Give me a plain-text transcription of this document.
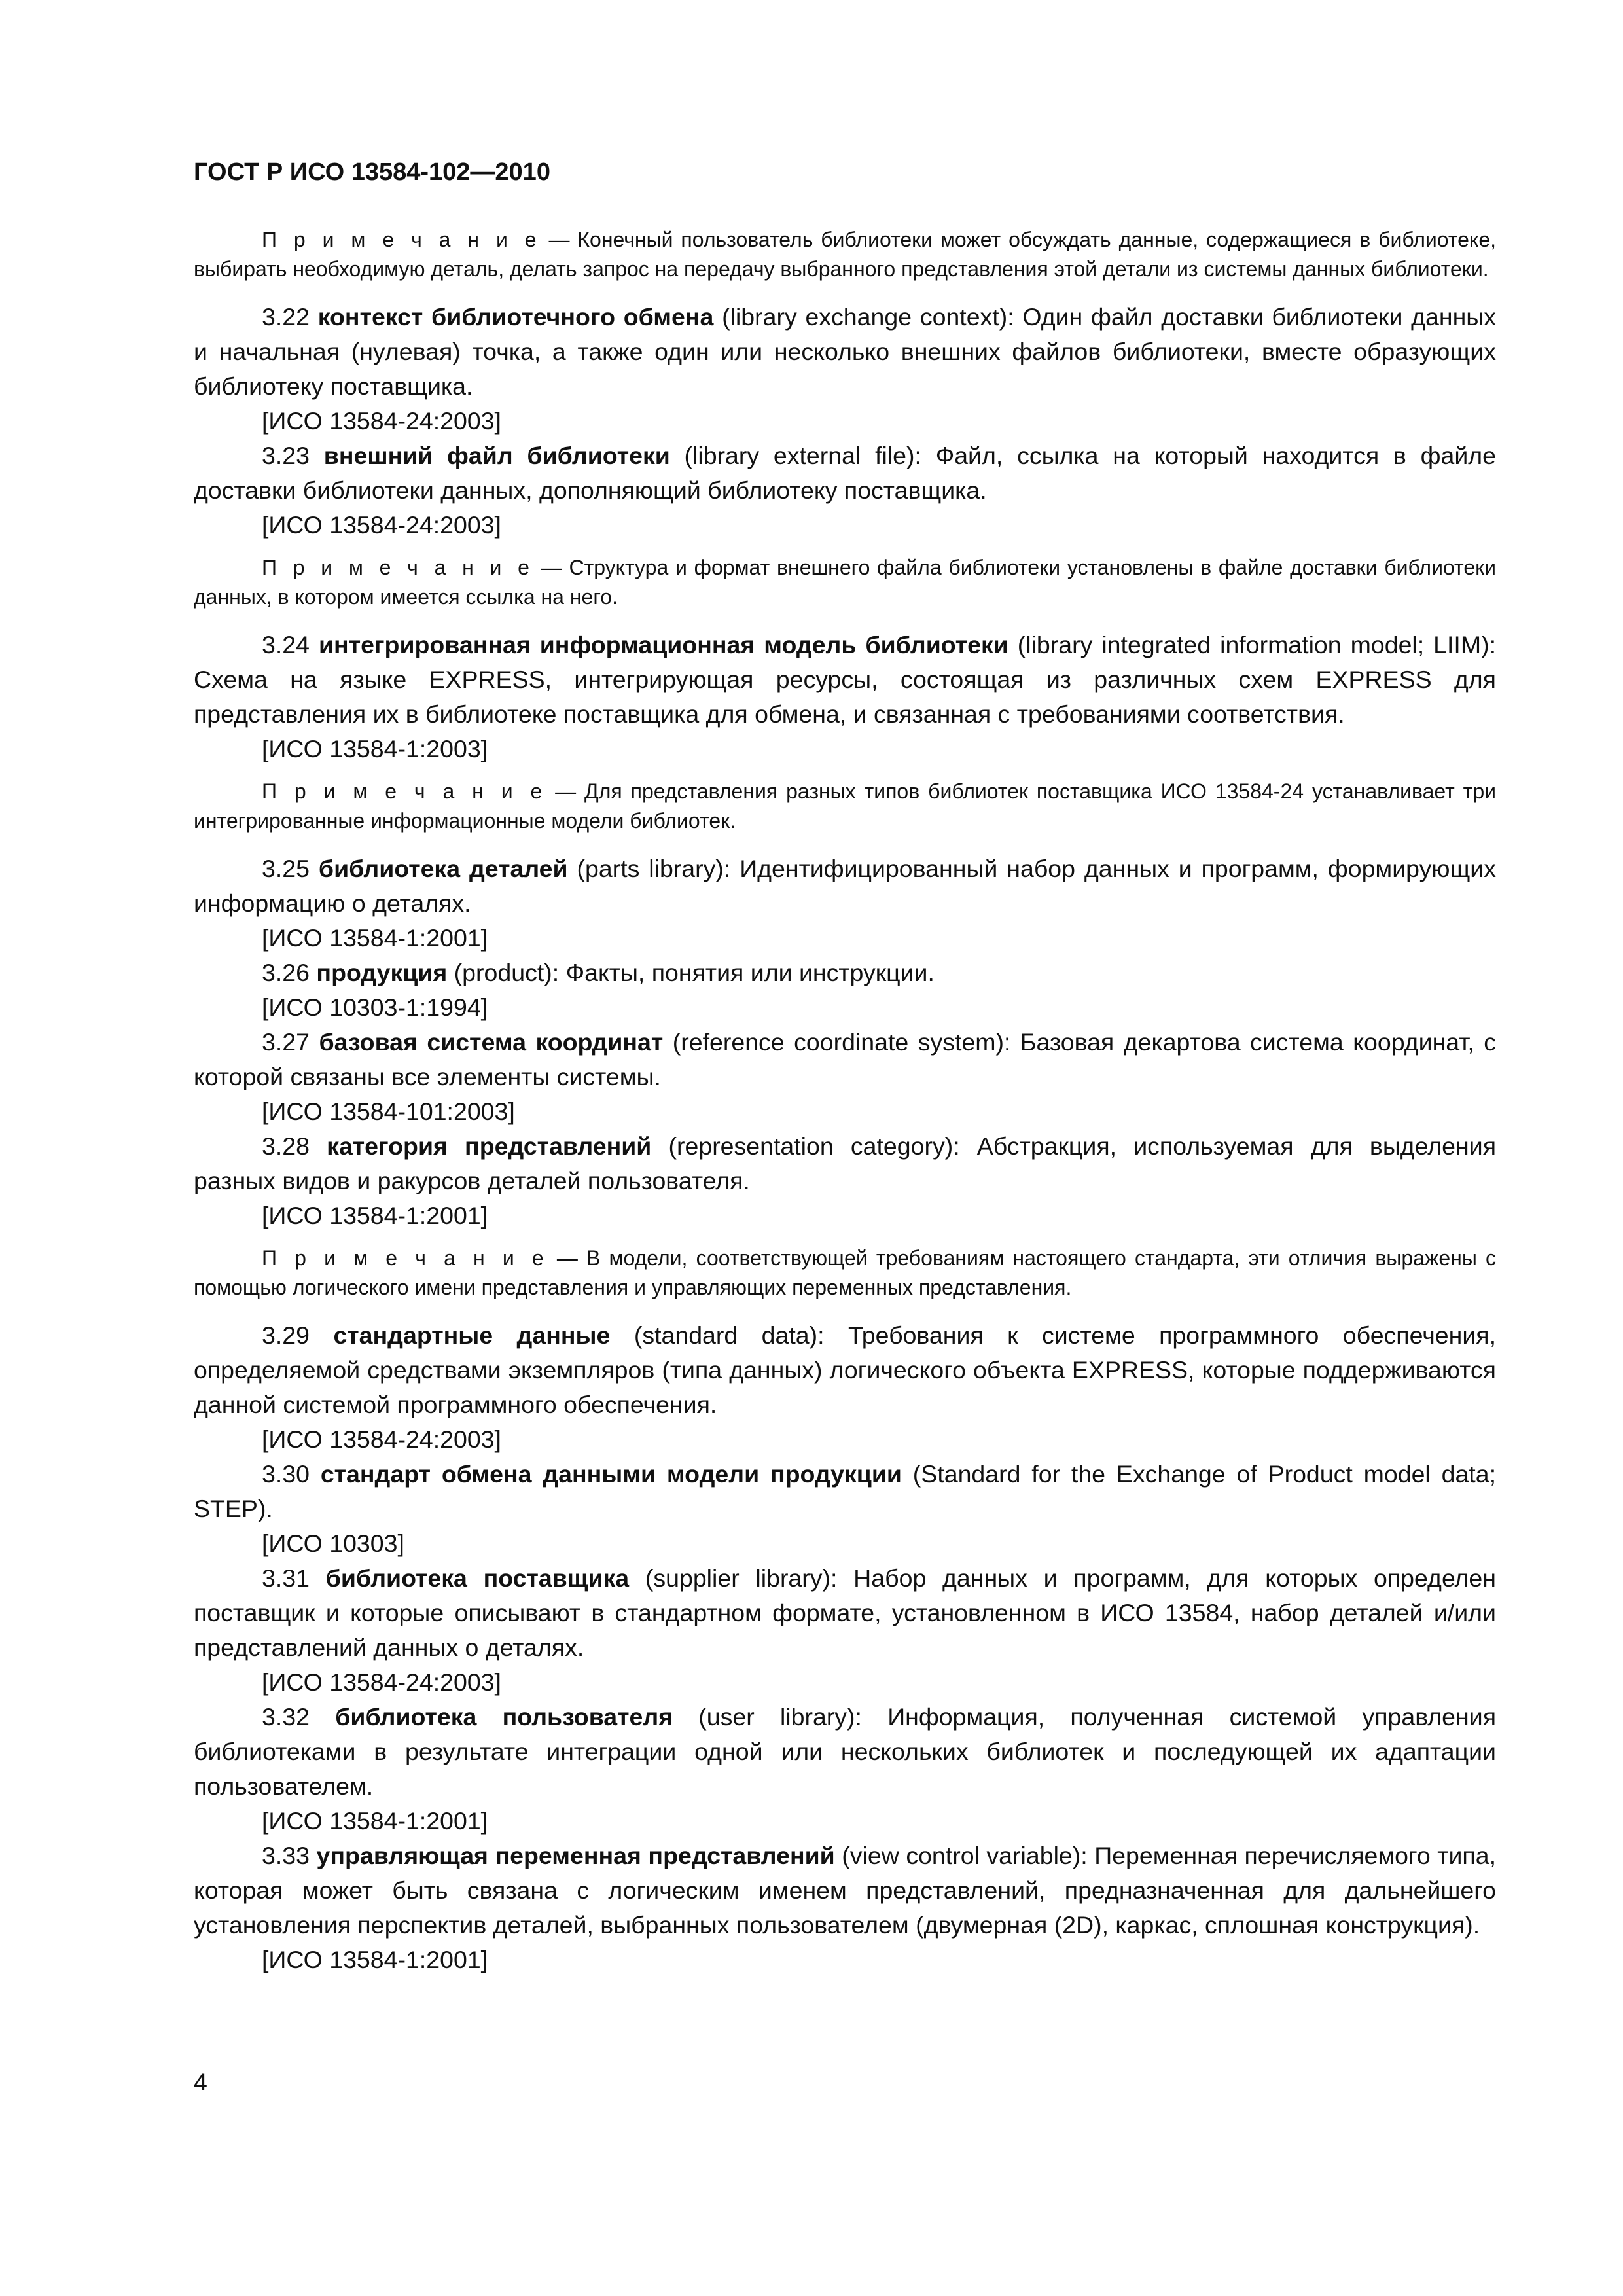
ГОСТ Р ИСО 13584-102—2010

П р и м е ч а н и е — Конечный пользователь библиотеки может обсуждать данные, содержащиеся в библиотеке, выбирать необходимую деталь, делать запрос на передачу выбранного представления этой детали из системы данных библиотеки.

3.22 контекст библиотечного обмена (library exchange context): Один файл доставки библиотеки данных и начальная (нулевая) точка, а также один или несколько внешних файлов библиотеки, вместе образующих библиотеку поставщика.

[ИСО 13584-24:2003]

3.23 внешний файл библиотеки (library external file): Файл, ссылка на который находится в файле доставки библиотеки данных, дополняющий библиотеку поставщика.

[ИСО 13584-24:2003]

П р и м е ч а н и е — Структура и формат внешнего файла библиотеки установлены в файле доставки библиотеки данных, в котором имеется ссылка на него.

3.24 интегрированная информационная модель библиотеки (library integrated information model; LIIM): Схема на языке EXPRESS, интегрирующая ресурсы, состоящая из различных схем EXPRESS для представления их в библиотеке поставщика для обмена, и связанная с требованиями соответствия.

[ИСО 13584-1:2003]

П р и м е ч а н и е — Для представления разных типов библиотек поставщика ИСО 13584-24 устанавливает три интегрированные информационные модели библиотек.

3.25 библиотека деталей (parts library): Идентифицированный набор данных и программ, формирующих информацию о деталях.

[ИСО 13584-1:2001]

3.26 продукция (product): Факты, понятия или инструкции.

[ИСО 10303-1:1994]

3.27 базовая система координат (reference coordinate system): Базовая декартова система координат, с которой связаны все элементы системы.

[ИСО 13584-101:2003]

3.28 категория представлений (representation category): Абстракция, используемая для выделения разных видов и ракурсов деталей пользователя.

[ИСО 13584-1:2001]

П р и м е ч а н и е — В модели, соответствующей требованиям настоящего стандарта, эти отличия выражены с помощью логического имени представления и управляющих переменных представления.

3.29 стандартные данные (standard data): Требования к системе программного обеспечения, определяемой средствами экземпляров (типа данных) логического объекта EXPRESS, которые поддерживаются данной системой программного обеспечения.

[ИСО 13584-24:2003]

3.30 стандарт обмена данными модели продукции (Standard for the Exchange of Product model data; STEP).

[ИСО 10303]

3.31 библиотека поставщика (supplier library): Набор данных и программ, для которых определен поставщик и которые описывают в стандартном формате, установленном в ИСО 13584, набор деталей и/или представлений данных о деталях.

[ИСО 13584-24:2003]

3.32 библиотека пользователя (user library): Информация, полученная системой управления библиотеками в результате интеграции одной или нескольких библиотек и последующей их адаптации пользователем.

[ИСО 13584-1:2001]

3.33 управляющая переменная представлений (view control variable): Переменная перечисляемого типа, которая может быть связана с логическим именем представлений, предназначенная для дальнейшего установления перспектив деталей, выбранных пользователем (двумерная (2D), каркас, сплошная конструкция).

[ИСО 13584-1:2001]

4
